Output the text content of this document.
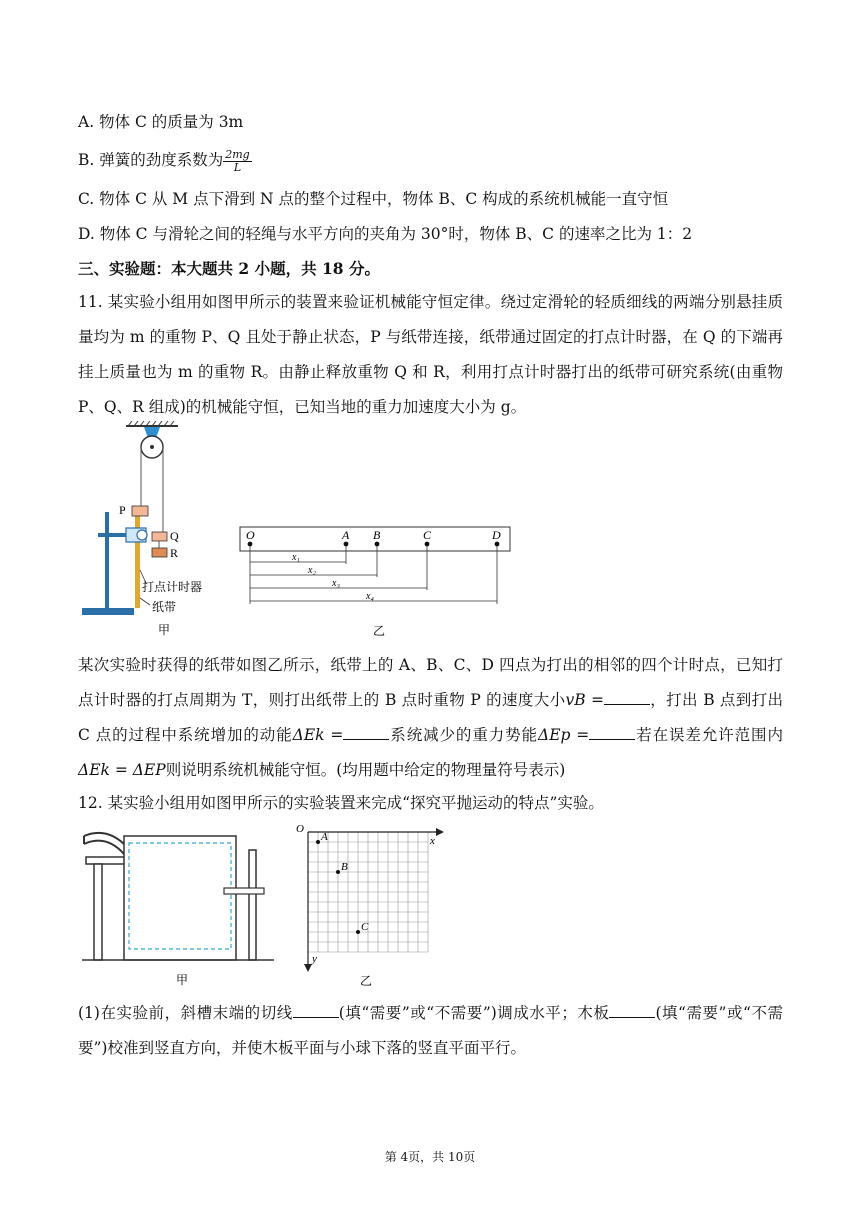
A. 物体 C 的质量为 3m
B. 弹簧的劲度系数为 $\frac{2mg}{L}$
C. 物体 C 从 M 点下滑到 N 点的整个过程中，物体 B、C 构成的系统机械能一直守恒
D. 物体 C 与滑轮之间的轻绳与水平方向的夹角为 30°时，物体 B、C 的速率之比为 1：2
三、实验题：本大题共 2 小题，共 18 分。

11. 某实验小组用如图甲所示的装置来验证机械能守恒定律。绕过定滑轮的轻质细线的两端分别悬挂质量均为 m 的重物 P、Q 且处于静止状态，P 与纸带连接，纸带通过固定的打点计时器，在 Q 的下端再挂上质量也为 m 的重物 R。由静止释放重物 Q 和 R，利用打点计时器打出的纸带可研究系统(由重物 P、Q、R 组成)的机械能守恒，已知当地的重力加速度大小为 g。

P
Q
R
打点计时器
纸带
甲
O	A B	C	D
x₁
x₂
x₃
x₄
乙

某次实验时获得的纸带如图乙所示，纸带上的 A、B、C、D 四点为打出的相邻的四个计时点，已知打点计时器的打点周期为 T，则打出纸带上的 B 点时重物 P 的速度大小vB =	，打出 B 点到打出 C 点的过程中系统增加的动能ΔEk =	系统减少的重力势能ΔEp =	若在误差允许范围内ΔEk = ΔEP则说明系统机械能守恒。(均用题中给定的物理量符号表示)

12. 某实验小组用如图甲所示的实验装置来完成“探究平抛运动的特点”实验。

甲
O
x
y
A
B
C
乙

(1)在实验前，斜槽末端的切线	(填“需要”或“不需要”)调成水平；木板	(填“需要”或“不需要”)校准到竖直方向，并使木板平面与小球下落的竖直平面平行。

第 4页，共 10页
